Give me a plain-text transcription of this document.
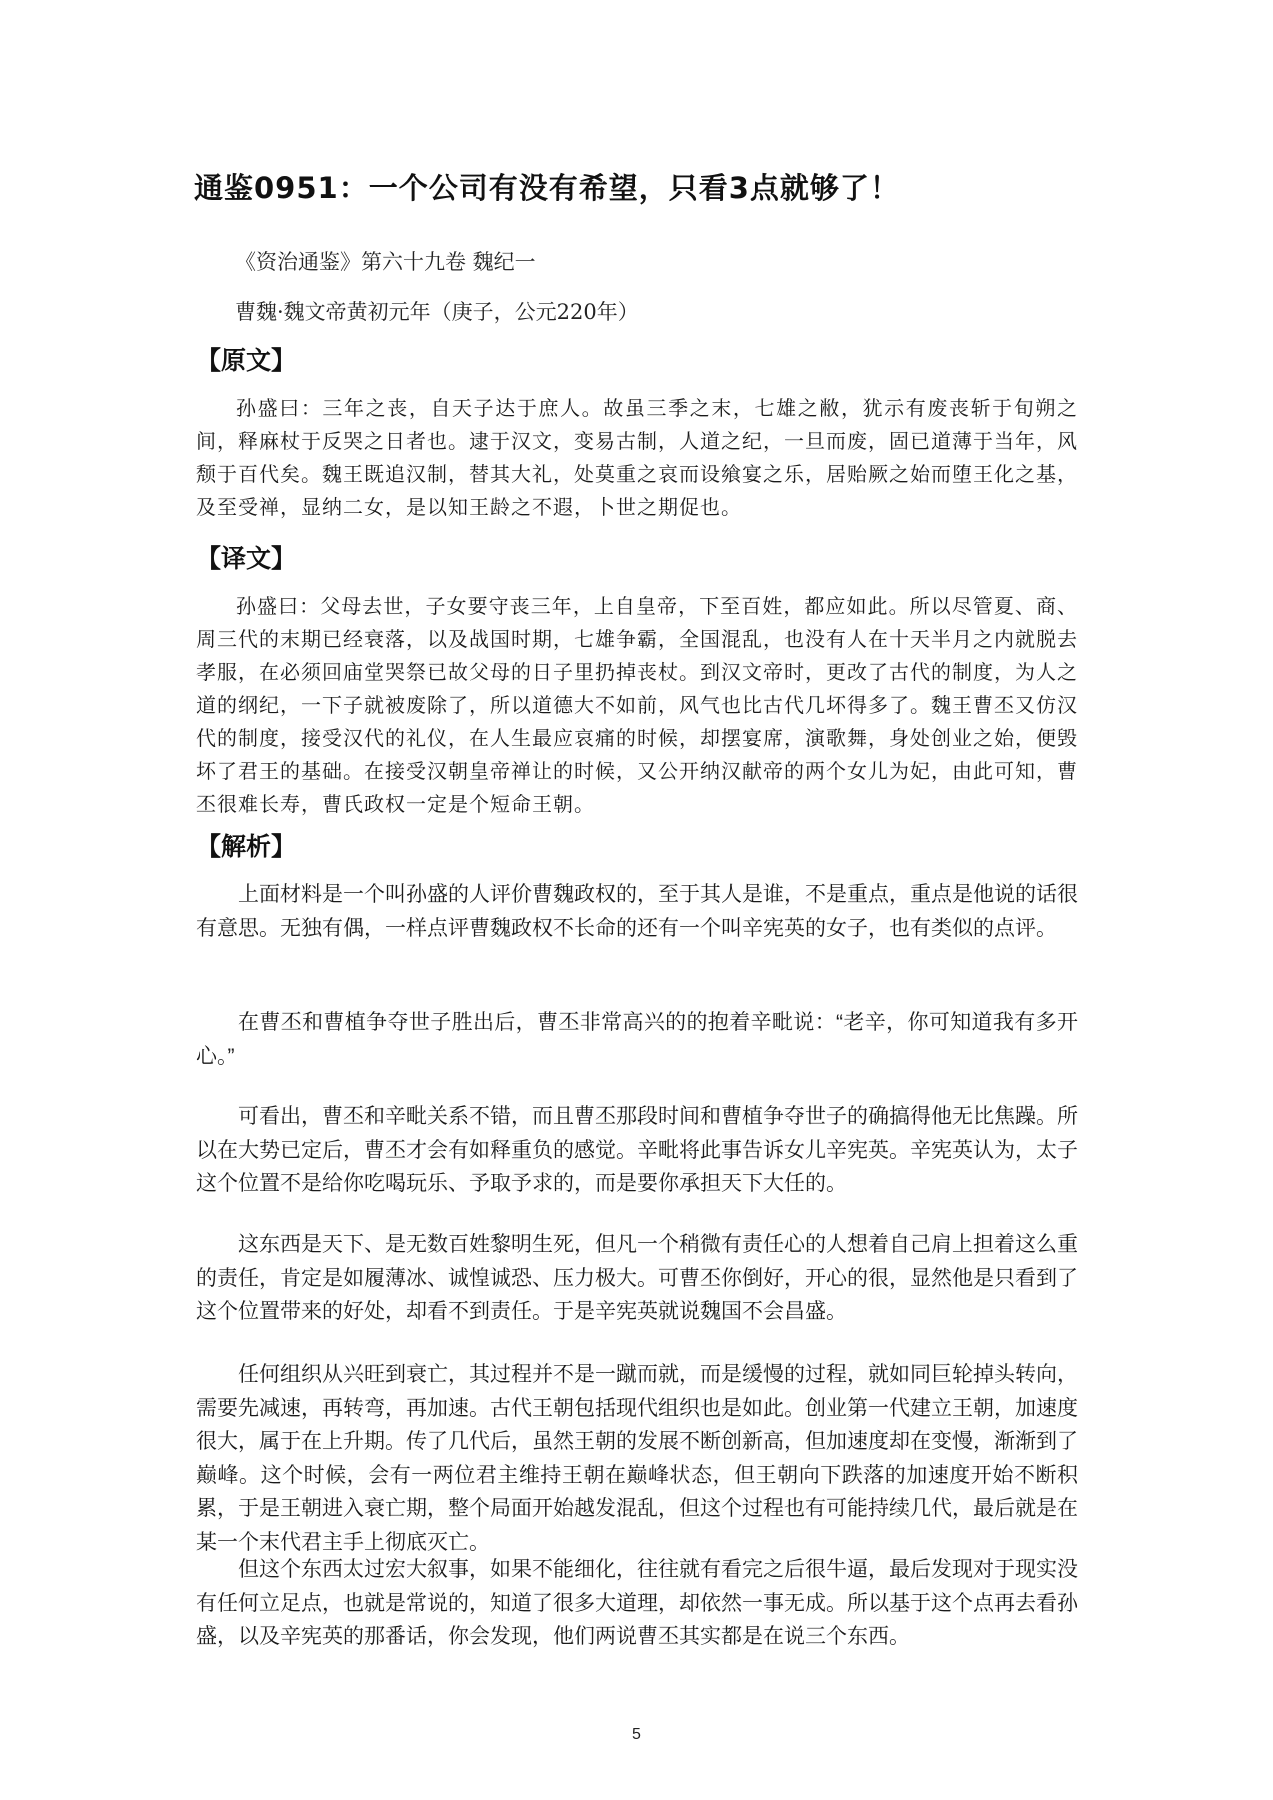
通鉴0951：一个公司有没有希望，只看3点就够了！
《资治通鉴》第六十九卷 魏纪一
曹魏·魏文帝黄初元年（庚子，公元220年）
【原文】

孙盛曰：三年之丧，自天子达于庶人。故虽三季之末，七雄之敝，犹示有废丧斩于旬朔之间，释麻杖于反哭之日者也。逮于汉文，变易古制，人道之纪，一旦而废，固已道薄于当年，风颓于百代矣。魏王既追汉制，替其大礼，处莫重之哀而设飨宴之乐，居贻厥之始而堕王化之基，及至受禅，显纳二女，是以知王龄之不遐，卜世之期促也。

【译文】

孙盛曰：父母去世，子女要守丧三年，上自皇帝，下至百姓，都应如此。所以尽管夏、商、周三代的末期已经衰落，以及战国时期，七雄争霸，全国混乱，也没有人在十天半月之内就脱去孝服，在必须回庙堂哭祭已故父母的日子里扔掉丧杖。到汉文帝时，更改了古代的制度，为人之道的纲纪，一下子就被废除了，所以道德大不如前，风气也比古代几坏得多了。魏王曹丕又仿汉代的制度，接受汉代的礼仪，在人生最应哀痛的时候，却摆宴席，演歌舞，身处创业之始，便毁坏了君王的基础。在接受汉朝皇帝禅让的时候，又公开纳汉献帝的两个女儿为妃，由此可知，曹丕很难长寿，曹氏政权一定是个短命王朝。

【解析】

上面材料是一个叫孙盛的人评价曹魏政权的，至于其人是谁，不是重点，重点是他说的话很有意思。无独有偶，一样点评曹魏政权不长命的还有一个叫辛宪英的女子，也有类似的点评。

在曹丕和曹植争夺世子胜出后，曹丕非常高兴的的抱着辛毗说：“老辛，你可知道我有多开心。”

可看出，曹丕和辛毗关系不错，而且曹丕那段时间和曹植争夺世子的确搞得他无比焦躁。所以在大势已定后，曹丕才会有如释重负的感觉。辛毗将此事告诉女儿辛宪英。辛宪英认为，太子这个位置不是给你吃喝玩乐、予取予求的，而是要你承担天下大任的。

这东西是天下、是无数百姓黎明生死，但凡一个稍微有责任心的人想着自己肩上担着这么重的责任，肯定是如履薄冰、诚惶诚恐、压力极大。可曹丕你倒好，开心的很，显然他是只看到了这个位置带来的好处，却看不到责任。于是辛宪英就说魏国不会昌盛。

任何组织从兴旺到衰亡，其过程并不是一蹴而就，而是缓慢的过程，就如同巨轮掉头转向，需要先减速，再转弯，再加速。古代王朝包括现代组织也是如此。创业第一代建立王朝，加速度很大，属于在上升期。传了几代后，虽然王朝的发展不断创新高，但加速度却在变慢，渐渐到了巅峰。这个时候，会有一两位君主维持王朝在巅峰状态，但王朝向下跌落的加速度开始不断积累，于是王朝进入衰亡期，整个局面开始越发混乱，但这个过程也有可能持续几代，最后就是在某一个末代君主手上彻底灭亡。

但这个东西太过宏大叙事，如果不能细化，往往就有看完之后很牛逼，最后发现对于现实没有任何立足点，也就是常说的，知道了很多大道理，却依然一事无成。所以基于这个点再去看孙盛，以及辛宪英的那番话，你会发现，他们两说曹丕其实都是在说三个东西。

5
